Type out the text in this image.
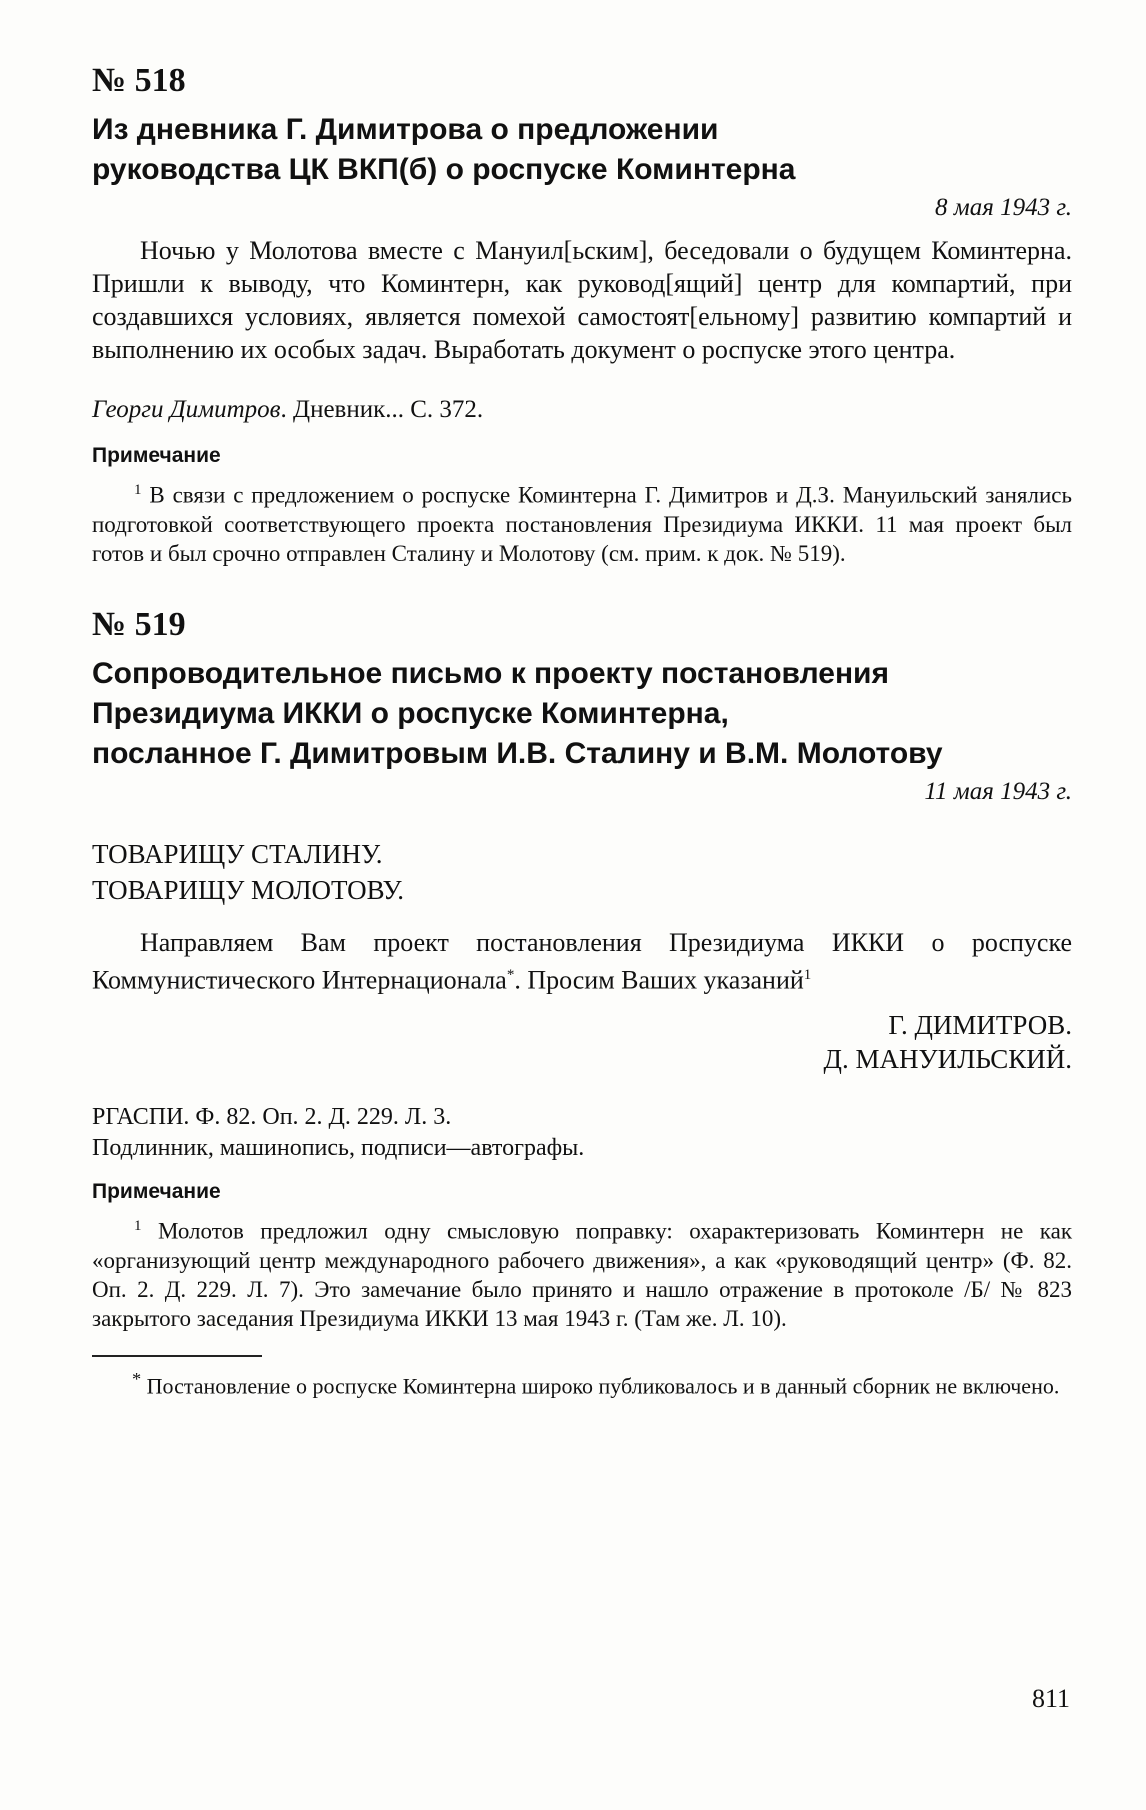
№ 518
Из дневника Г. Димитрова о предложении
руководства ЦК ВКП(б) о роспуске Коминтерна
8 мая 1943 г.

Ночью у Молотова вместе с Мануил[ьским], беседовали о будущем Коминтерна. Пришли к выводу, что Коминтерн, как руковод[ящий] центр для компартий, при создавшихся условиях, является помехой самостоят[ельному] развитию компартий и выполнению их особых задач. Выработать документ о роспуске этого центра.

Георги Димитров. Дневник... С. 372.

Примечание

$^1$ В связи с предложением о роспуске Коминтерна Г. Димитров и Д.З. Мануильский занялись подготовкой соответствующего проекта постановления Президиума ИККИ. 11 мая проект был готов и был срочно отправлен Сталину и Молотову (см. прим. к док. № 519).

№ 519
Сопроводительное письмо к проекту постановления
Президиума ИККИ о роспуске Коминтерна,
посланное Г. Димитровым И.В. Сталину и В.М. Молотову
11 мая 1943 г.

ТОВАРИЩУ СТАЛИНУ.

ТОВАРИЩУ МОЛОТОВУ.

Направляем Вам проект постановления Президиума ИККИ о роспуске Коммунистического Интернационала*. Просим Ваших указаний$^1$

Г. ДИМИТРОВ.
Д. МАНУИЛЬСКИЙ.
РГАСПИ. Ф. 82. Оп. 2. Д. 229. Л. 3.
Подлинник, машинопись, подписи—автографы.
Примечание

$^1$ Молотов предложил одну смысловую поправку: охарактеризовать Коминтерн не как «организующий центр международного рабочего движения», а как «руководящий центр» (Ф. 82. Оп. 2. Д. 229. Л. 7). Это замечание было принято и нашло отражение в протоколе /Б/ № 823 закрытого заседания Президиума ИККИ 13 мая 1943 г. (Там же. Л. 10).

* Постановление о роспуске Коминтерна широко публиковалось и в данный сборник не включено.

811
